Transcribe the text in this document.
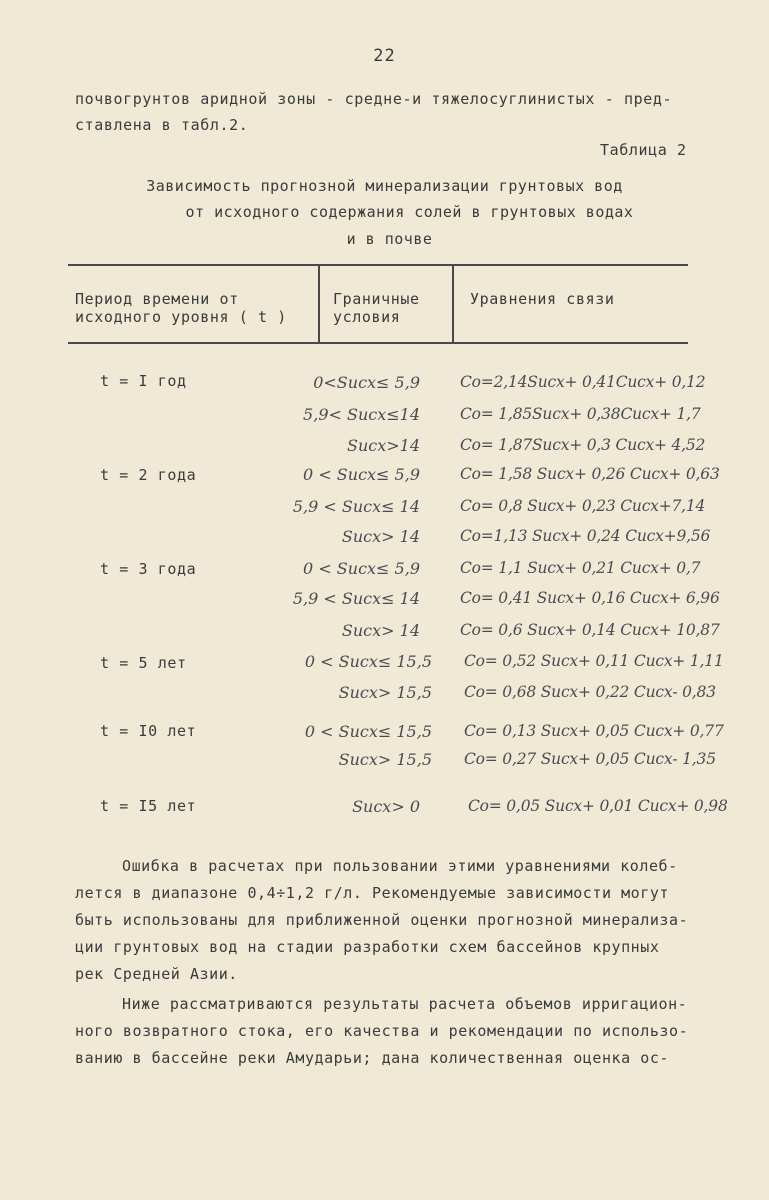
22
почвогрунтов аридной зоны - средне-и тяжелосуглинистых - пред-
ставлена в табл.2.
Таблица 2
Зависимость прогнозной минерализации грунтовых вод
от исходного содержания солей в грунтовых водах
и в почве
Период времени от
исходного уровня ( t )
Граничные
условия
Уравнения связи
t = I год
t = 2 года
t = 3 года
t = 5 лет
t = I0 лет
t = I5 лет
0<Sисх≤ 5,9
5,9< Sисх≤14
Sисх>14
0 < Sисх≤ 5,9
5,9 < Sисх≤ 14
Sисх> 14
0 < Sисх≤ 5,9
5,9 < Sисх≤ 14
Sисх> 14
0 < Sисх≤ 15,5
Sисх> 15,5
0 < Sисх≤ 15,5
Sисх> 15,5
Sисх> 0
Co=2,14Sисх+ 0,41Cисх+ 0,12
Co= 1,85Sисх+ 0,38Cисх+ 1,7
Co= 1,87Sисх+ 0,3 Cисх+ 4,52
Co= 1,58 Sисх+ 0,26 Cисх+ 0,63
Co= 0,8 Sисх+ 0,23 Cисх+7,14
Co=1,13 Sисх+ 0,24 Cисх+9,56
Co= 1,1 Sисх+ 0,21 Cисх+ 0,7
Co= 0,41 Sисх+ 0,16 Cисх+ 6,96
Co= 0,6 Sисх+ 0,14 Cисх+ 10,87
Co= 0,52 Sисх+ 0,11 Cисх+ 1,11
Co= 0,68 Sисх+ 0,22 Cисх- 0,83
Co= 0,13 Sисх+ 0,05 Cисх+ 0,77
Co= 0,27 Sисх+ 0,05 Cисх- 1,35
Co= 0,05 Sисх+ 0,01 Cисх+ 0,98
Ошибка в расчетах при пользовании этими уравнениями колеб-
лется в диапазоне 0,4÷1,2 г/л. Рекомендуемые зависимости могут
быть использованы для приближенной оценки прогнозной минерализа-
ции грунтовых вод на стадии разработки схем бассейнов крупных
рек Средней Азии.
Ниже рассматриваются результаты расчета объемов ирригацион-
ного возвратного стока, его качества и рекомендации по использо-
ванию в бассейне реки Амударьи; дана количественная оценка ос-
